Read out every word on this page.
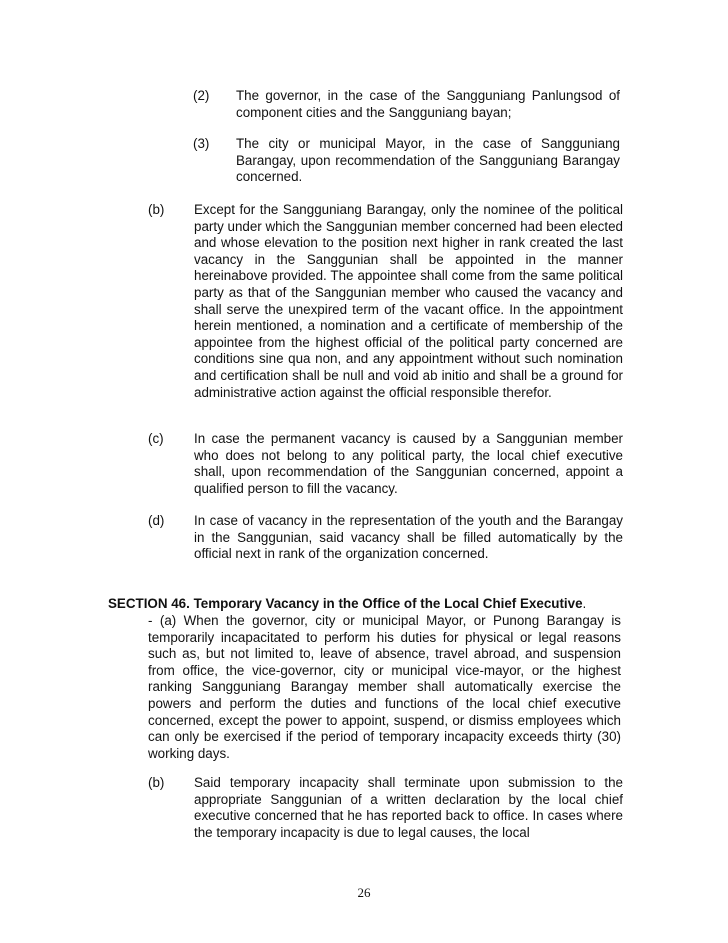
(2) The governor, in the case of the Sangguniang Panlungsod of component cities and the Sangguniang bayan;
(3) The city or municipal Mayor, in the case of Sangguniang Barangay, upon recommendation of the Sangguniang Barangay concerned.
(b) Except for the Sangguniang Barangay, only the nominee of the political party under which the Sanggunian member concerned had been elected and whose elevation to the position next higher in rank created the last vacancy in the Sanggunian shall be appointed in the manner hereinabove provided. The appointee shall come from the same political party as that of the Sanggunian member who caused the vacancy and shall serve the unexpired term of the vacant office. In the appointment herein mentioned, a nomination and a certificate of membership of the appointee from the highest official of the political party concerned are conditions sine qua non, and any appointment without such nomination and certification shall be null and void ab initio and shall be a ground for administrative action against the official responsible therefor.
(c) In case the permanent vacancy is caused by a Sanggunian member who does not belong to any political party, the local chief executive shall, upon recommendation of the Sanggunian concerned, appoint a qualified person to fill the vacancy.
(d) In case of vacancy in the representation of the youth and the Barangay in the Sanggunian, said vacancy shall be filled automatically by the official next in rank of the organization concerned.
SECTION 46. Temporary Vacancy in the Office of the Local Chief Executive.
- (a) When the governor, city or municipal Mayor, or Punong Barangay is temporarily incapacitated to perform his duties for physical or legal reasons such as, but not limited to, leave of absence, travel abroad, and suspension from office, the vice-governor, city or municipal vice-mayor, or the highest ranking Sangguniang Barangay member shall automatically exercise the powers and perform the duties and functions of the local chief executive concerned, except the power to appoint, suspend, or dismiss employees which can only be exercised if the period of temporary incapacity exceeds thirty (30) working days.
(b) Said temporary incapacity shall terminate upon submission to the appropriate Sanggunian of a written declaration by the local chief executive concerned that he has reported back to office. In cases where the temporary incapacity is due to legal causes, the local
26
